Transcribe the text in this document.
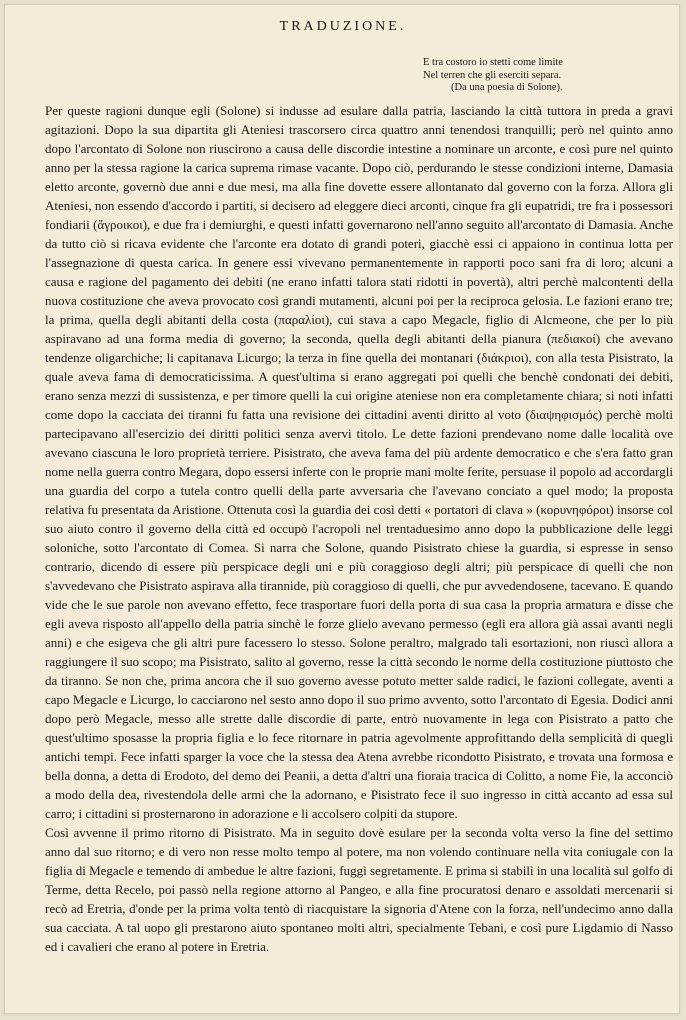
TRADUZIONE.
E tra costoro io stetti come limite
Nel terren che gli eserciti separa.
(Da una poesia di Solone).

Per queste ragioni dunque egli (Solone) si indusse ad esulare dalla patria, lasciando la città tuttora in preda a gravi agitazioni. Dopo la sua dipartita gli Ateniesi trascorsero circa quattro anni tenendosi tranquilli; però nel quinto anno dopo l'arcontato di Solone non riuscirono a causa delle discordie intestine a nominare un arconte, e così pure nel quinto anno per la stessa ragione la carica suprema rimase vacante. Dopo ciò, perdurando le stesse condizioni interne, Damasia eletto arconte, governò due anni e due mesi, ma alla fine dovette essere allontanato dal governo con la forza. Allora gli Ateniesi, non essendo d'accordo i partiti, si decisero ad eleggere dieci arconti, cinque fra gli eupatridi, tre fra i possessori fondiarii (ἄγροικοι), e due fra i demiurghi, e questi infatti governarono nell'anno seguito all'arcontato di Damasia. Anche da tutto ciò si ricava evidente che l'arconte era dotato di grandi poteri, giacchè essi ci appaiono in continua lotta per l'assegnazione di questa carica. In genere essi vivevano permanentemente in rapporti poco sani fra di loro; alcuni a causa e ragione del pagamento dei debiti (ne erano infatti talora stati ridotti in povertà), altri perchè malcontenti della nuova costituzione che aveva provocato così grandi mutamenti, alcuni poi per la reciproca gelosia. Le fazioni erano tre; la prima, quella degli abitanti della costa (παραλίοι), cui stava a capo Megacle, figlio di Alcmeone, che per lo più aspiravano ad una forma media di governo; la seconda, quella degli abitanti della pianura (πεδιακοί) che avevano tendenze oligarchiche; li capitanava Licurgo; la terza in fine quella dei montanari (διάκριοι), con alla testa Pisistrato, la quale aveva fama di democraticissima. A quest'ultima si erano aggregati poi quelli che benchè condonati dei debiti, erano senza mezzi di sussistenza, e per timore quelli la cui origine ateniese non era completamente chiara; si noti infatti come dopo la cacciata dei tiranni fu fatta una revisione dei cittadini aventi diritto al voto (διαψηφισμός) perchè molti partecipavano all'esercizio dei diritti politici senza avervi titolo. Le dette fazioni prendevano nome dalle località ove avevano ciascuna le loro proprietà terriere. Pisistrato, che aveva fama del più ardente democratico e che s'era fatto gran nome nella guerra contro Megara, dopo essersi inferte con le proprie mani molte ferite, persuase il popolo ad accordargli una guardia del corpo a tutela contro quelli della parte avversaria che l'avevano conciato a quel modo; la proposta relativa fu presentata da Aristione. Ottenuta così la guardia dei così detti « portatori di clava » (κορυνηφόροι) insorse col suo aiuto contro il governo della città ed occupò l'acropoli nel trentaduesimo anno dopo la pubblicazione delle leggi soloniche, sotto l'arcontato di Comea. Si narra che Solone, quando Pisistrato chiese la guardia, si espresse in senso contrario, dicendo di essere più perspicace degli uni e più coraggioso degli altri; più perspicace di quelli che non s'avvedevano che Pisistrato aspirava alla tirannide, più coraggioso di quelli, che pur avvedendosene, tacevano. E quando vide che le sue parole non avevano effetto, fece trasportare fuori della porta di sua casa la propria armatura e disse che egli aveva risposto all'appello della patria sinchè le forze glielo avevano permesso (egli era allora già assai avanti negli anni) e che esigeva che gli altri pure facessero lo stesso. Solone peraltro, malgrado tali esortazioni, non riuscì allora a raggiungere il suo scopo; ma Pisistrato, salito al governo, resse la città secondo le norme della costituzione piuttosto che da tiranno. Se non che, prima ancora che il suo governo avesse potuto metter salde radici, le fazioni collegate, aventi a capo Megacle e Licurgo, lo cacciarono nel sesto anno dopo il suo primo avvento, sotto l'arcontato di Egesia. Dodici anni dopo però Megacle, messo alle strette dalle discordie di parte, entrò nuovamente in lega con Pisistrato a patto che quest'ultimo sposasse la propria figlia e lo fece ritornare in patria agevolmente approfittando della semplicità di quegli antichi tempi. Fece infatti sparger la voce che la stessa dea Atena avrebbe ricondotto Pisistrato, e trovata una formosa e bella donna, a detta di Erodoto, del demo dei Peanii, a detta d'altri una fioraia tracica di Colitto, a nome Fie, la acconciò a modo della dea, rivestendola delle armi che la adornano, e Pisistrato fece il suo ingresso in città accanto ad essa sul carro; i cittadini si prosternarono in adorazione e li accolsero colpiti da stupore.

Così avvenne il primo ritorno di Pisistrato. Ma in seguito dovè esulare per la seconda volta verso la fine del settimo anno dal suo ritorno; e di vero non resse molto tempo al potere, ma non volendo continuare nella vita coniugale con la figlia di Megacle e temendo di ambedue le altre fazioni, fuggì segretamente. E prima si stabilì in una località sul golfo di Terme, detta Recelo, poi passò nella regione attorno al Pangeo, e alla fine procuratosi denaro e assoldati mercenarii si recò ad Eretria, d'onde per la prima volta tentò di riacquistare la signoria d'Atene con la forza, nell'undecimo anno dalla sua cacciata. A tal uopo gli prestarono aiuto spontaneo molti altri, specialmente Tebani, e così pure Ligdamio di Nasso ed i cavalieri che erano al potere in Eretria.
